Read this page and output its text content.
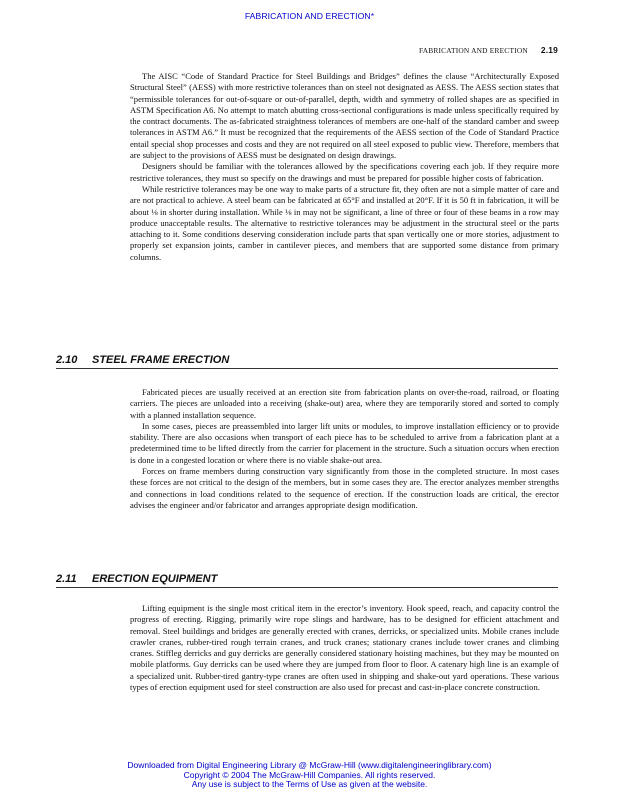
FABRICATION AND ERECTION*
FABRICATION AND ERECTION 2.19

The AISC “Code of Standard Practice for Steel Buildings and Bridges” defines the clause “Architecturally Exposed Structural Steel” (AESS) with more restrictive tolerances than on steel not designated as AESS. The AESS section states that “permissible tolerances for out-of-square or out-of-parallel, depth, width and symmetry of rolled shapes are as specified in ASTM Specification A6. No attempt to match abutting cross-sectional configurations is made unless specifically required by the contract documents. The as-fabricated straightness tolerances of members are one-half of the standard camber and sweep tolerances in ASTM A6.” It must be recognized that the requirements of the AESS section of the Code of Standard Practice entail special shop processes and costs and they are not required on all steel exposed to public view. Therefore, members that are subject to the provisions of AESS must be designated on design drawings.

Designers should be familiar with the tolerances allowed by the specifications covering each job. If they require more restrictive tolerances, they must so specify on the drawings and must be prepared for possible higher costs of fabrication.

While restrictive tolerances may be one way to make parts of a structure fit, they often are not a simple matter of care and are not practical to achieve. A steel beam can be fabricated at 65°F and installed at 20°F. If it is 50 ft in fabrication, it will be about ⅛ in shorter during installation. While ⅛ in may not be significant, a line of three or four of these beams in a row may produce unacceptable results. The alternative to restrictive tolerances may be adjustment in the structural steel or the parts attaching to it. Some conditions deserving consideration include parts that span vertically one or more stories, adjustment to properly set expansion joints, camber in cantilever pieces, and members that are supported some distance from primary columns.

2.10 STEEL FRAME ERECTION

Fabricated pieces are usually received at an erection site from fabrication plants on over-the-road, railroad, or floating carriers. The pieces are unloaded into a receiving (shake-out) area, where they are temporarily stored and sorted to comply with a planned installation sequence.

In some cases, pieces are preassembled into larger lift units or modules, to improve installation efficiency or to provide stability. There are also occasions when transport of each piece has to be scheduled to arrive from a fabrication plant at a predetermined time to be lifted directly from the carrier for placement in the structure. Such a situation occurs when erection is done in a congested location or where there is no viable shake-out area.

Forces on frame members during construction vary significantly from those in the completed structure. In most cases these forces are not critical to the design of the members, but in some cases they are. The erector analyzes member strengths and connections in load conditions related to the sequence of erection. If the construction loads are critical, the erector advises the engineer and/or fabricator and arranges appropriate design modification.

2.11 ERECTION EQUIPMENT

Lifting equipment is the single most critical item in the erector’s inventory. Hook speed, reach, and capacity control the progress of erecting. Rigging, primarily wire rope slings and hardware, has to be designed for efficient attachment and removal. Steel buildings and bridges are generally erected with cranes, derricks, or specialized units. Mobile cranes include crawler cranes, rubber-tired rough terrain cranes, and truck cranes; stationary cranes include tower cranes and climbing cranes. Stiffleg derricks and guy derricks are generally considered stationary hoisting machines, but they may be mounted on mobile platforms. Guy derricks can be used where they are jumped from floor to floor. A catenary high line is an example of a specialized unit. Rubber-tired gantry-type cranes are often used in shipping and shake-out yard operations. These various types of erection equipment used for steel construction are also used for precast and cast-in-place concrete construction.

Downloaded from Digital Engineering Library @ McGraw-Hill (www.digitalengineeringlibrary.com)
Copyright © 2004 The McGraw-Hill Companies. All rights reserved.
Any use is subject to the Terms of Use as given at the website.
